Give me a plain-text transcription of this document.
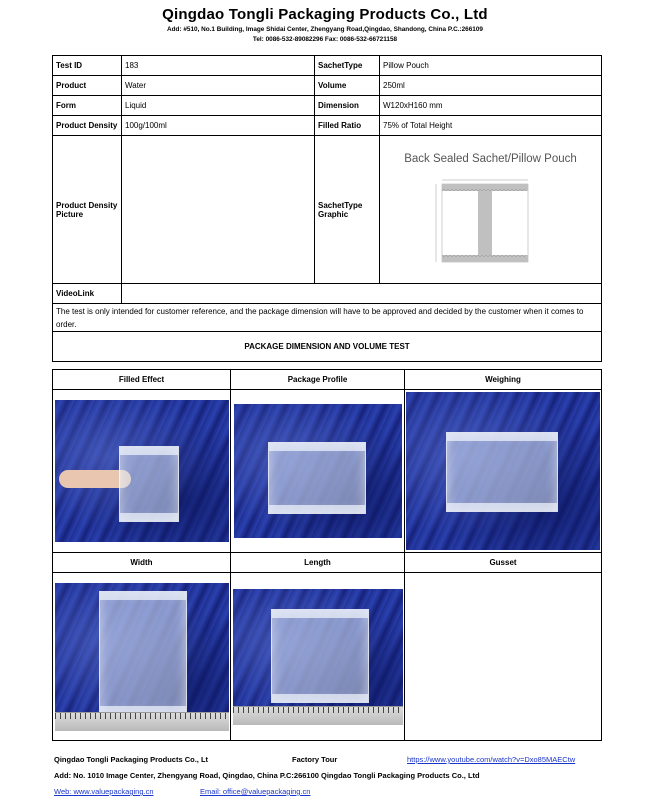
Qingdao Tongli Packaging Products Co., Ltd
Add: #510, No.1 Building, Image Shidai Center, Zhengyang Road,Qingdao, Shandong, China P.C.:266109
Tel: 0086-532-89082296 Fax: 0086-532-66721158
Test ID	183	SachetType	Pillow Pouch
Product	Water	Volume	250ml
Form	Liquid	Dimension	W120xH160 mm
Product Density	100g/100ml	Filled Ratio	75% of Total Height
Product Density Picture		SachetType Graphic	Back Sealed Sachet/Pillow Pouch

VideoLink			
The test is only intended for customer reference, and the package dimension will have to be approved and decided by the customer when it comes to order.			
PACKAGE DIMENSION AND VOLUME TEST			
Filled Effect	Package Profile	Weighing

Width	Length	Gusset

Qingdao Tongli Packaging Products Co., Lt	Factory Tour	https://www.youtube.com/watch?v=Dxo85MAECtw
Add: No. 1010 Image Center, Zhengyang Road, Qingdao, China P.C:266100 Qingdao Tongli Packaging Products Co., Ltd
Web: www.valuepackaging.cn	Email: office@valuepackaging.cn
